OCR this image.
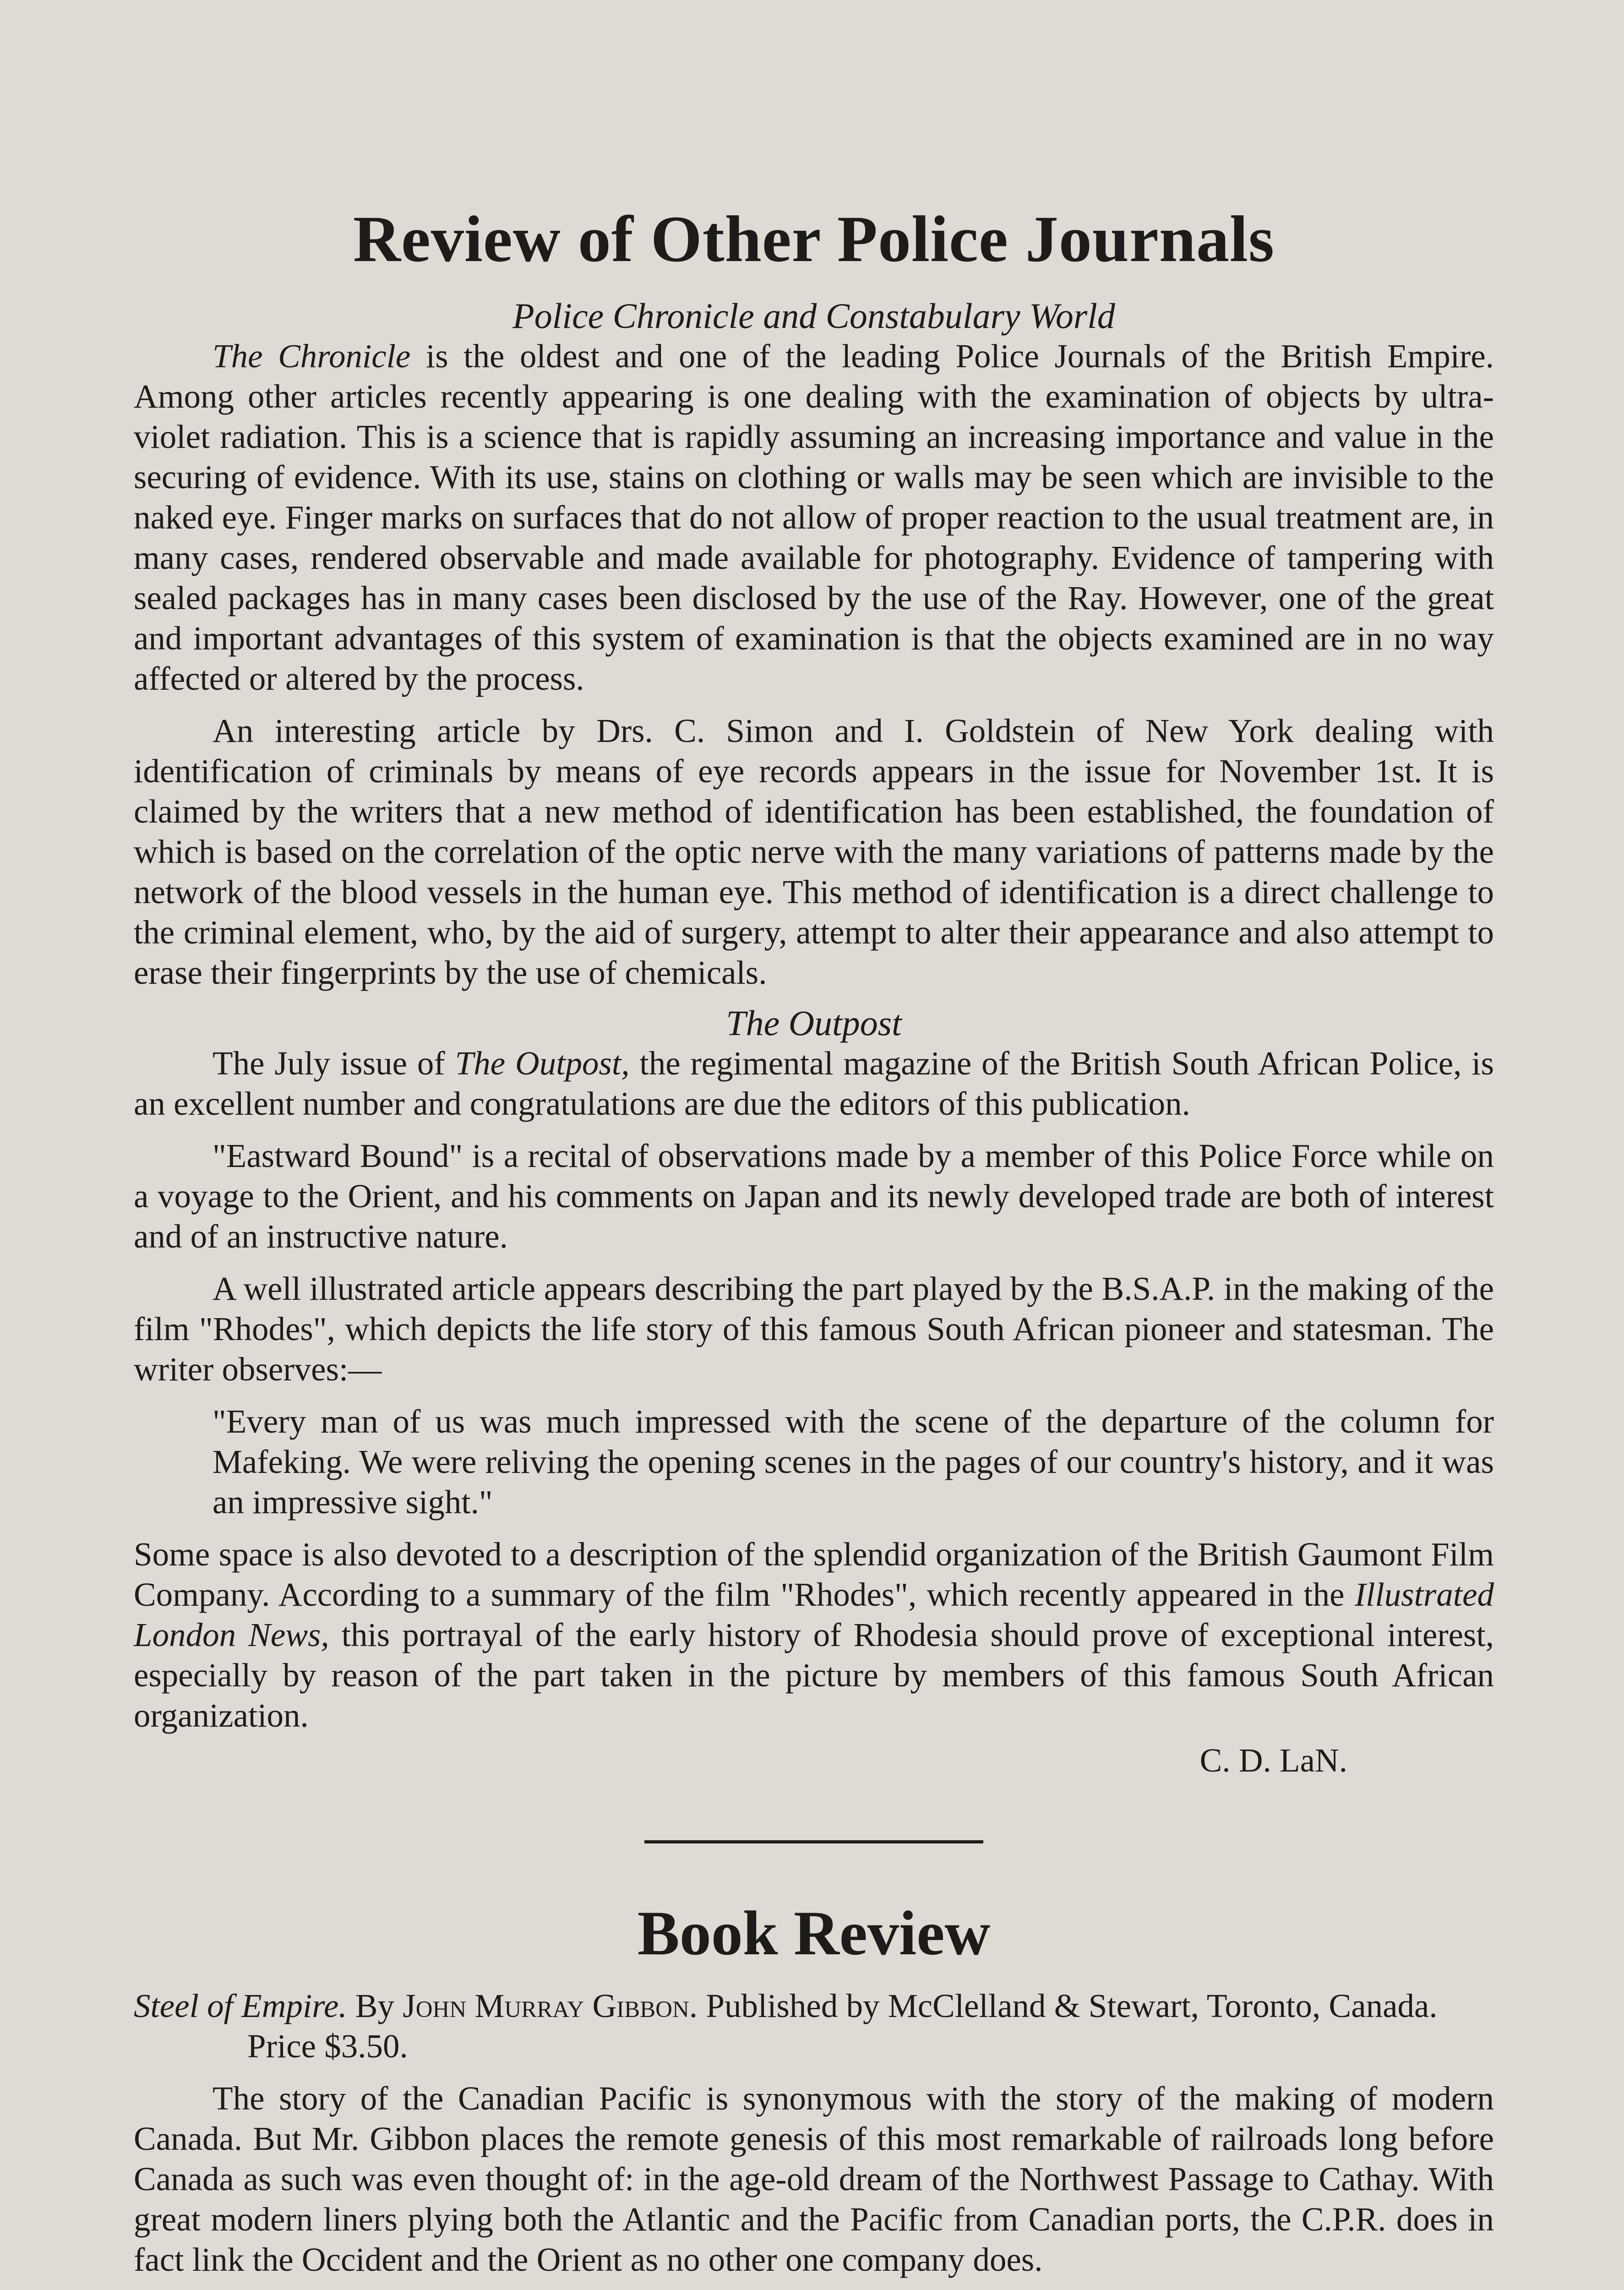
Review of Other Police Journals
Police Chronicle and Constabulary World

The Chronicle is the oldest and one of the leading Police Journals of the British Empire. Among other articles recently appearing is one dealing with the examination of objects by ultra-violet radiation. This is a science that is rapidly assuming an increasing importance and value in the securing of evidence. With its use, stains on clothing or walls may be seen which are invisible to the naked eye. Finger marks on surfaces that do not allow of proper reaction to the usual treatment are, in many cases, rendered observable and made available for photography. Evidence of tampering with sealed packages has in many cases been disclosed by the use of the Ray. However, one of the great and important advantages of this system of examination is that the objects examined are in no way affected or altered by the process.

An interesting article by Drs. C. Simon and I. Goldstein of New York dealing with identification of criminals by means of eye records appears in the issue for November 1st. It is claimed by the writers that a new method of identification has been established, the foundation of which is based on the correlation of the optic nerve with the many variations of patterns made by the network of the blood vessels in the human eye. This method of identification is a direct challenge to the criminal element, who, by the aid of surgery, attempt to alter their appearance and also attempt to erase their fingerprints by the use of chemicals.

The Outpost

The July issue of The Outpost, the regimental magazine of the British South African Police, is an excellent number and congratulations are due the editors of this publication.

"Eastward Bound" is a recital of observations made by a member of this Police Force while on a voyage to the Orient, and his comments on Japan and its newly developed trade are both of interest and of an instructive nature.

A well illustrated article appears describing the part played by the B.S.A.P. in the making of the film "Rhodes", which depicts the life story of this famous South African pioneer and statesman. The writer observes:—

"Every man of us was much impressed with the scene of the departure of the column for Mafeking. We were reliving the opening scenes in the pages of our country's history, and it was an impressive sight."

Some space is also devoted to a description of the splendid organization of the British Gaumont Film Company. According to a summary of the film "Rhodes", which recently appeared in the Illustrated London News, this portrayal of the early history of Rhodesia should prove of exceptional interest, especially by reason of the part taken in the picture by members of this famous South African organization.

C. D. LaN.
Book Review

Steel of Empire. By John Murray Gibbon. Published by McClelland & Stewart, Toronto, Canada. Price $3.50.

The story of the Canadian Pacific is synonymous with the story of the making of modern Canada. But Mr. Gibbon places the remote genesis of this most remarkable of railroads long before Canada as such was even thought of: in the age-old dream of the Northwest Passage to Cathay. With great modern liners plying both the Atlantic and the Pacific from Canadian ports, the C.P.R. does in fact link the Occident and the Orient as no other one company does.
